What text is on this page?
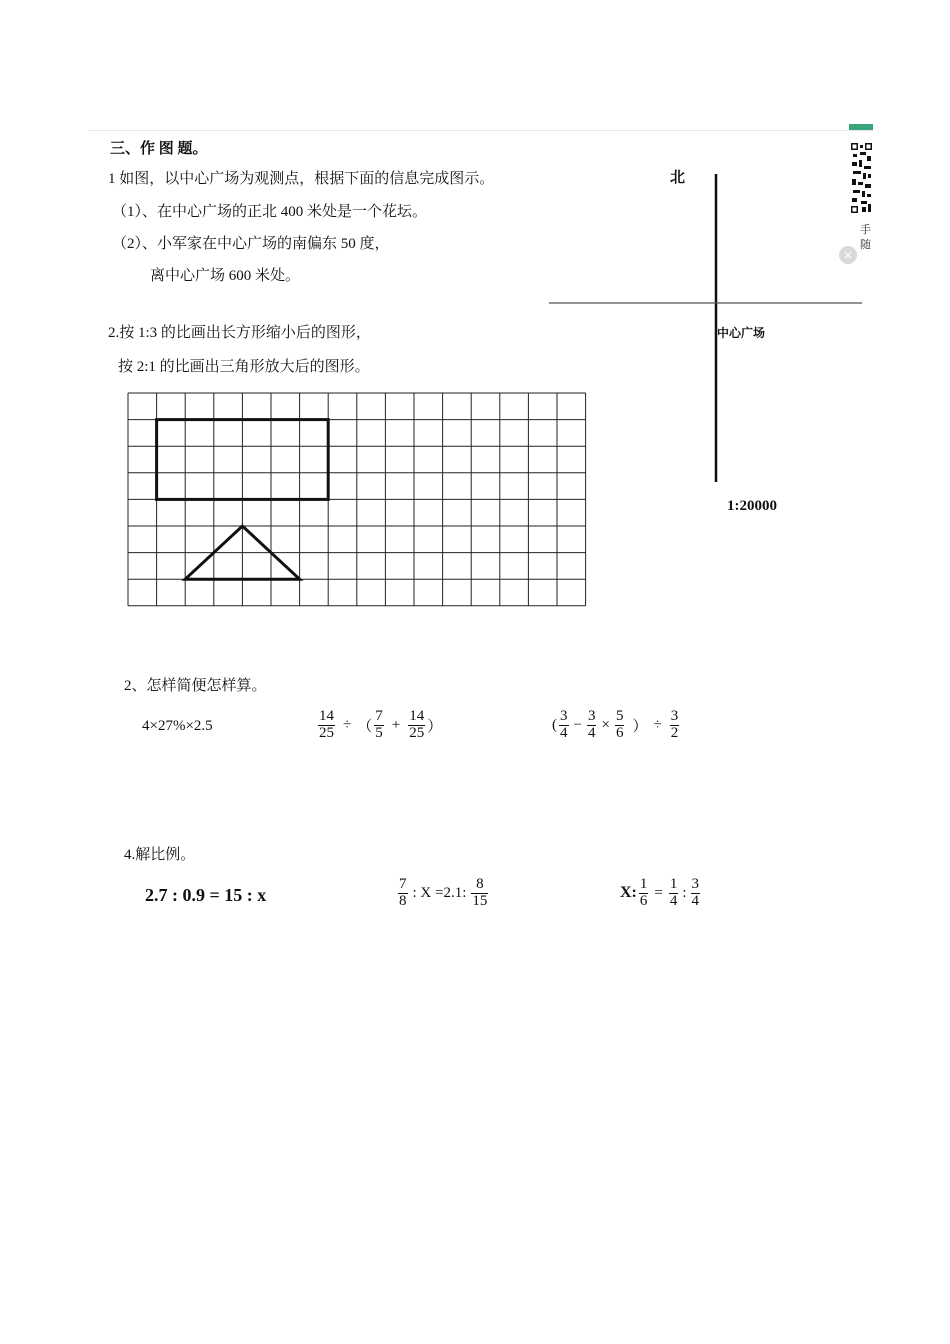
手
随
×
三、作 图 题。
1 如图，以中心广场为观测点，根据下面的信息完成图示。
（1）、在中心广场的正北 400 米处是一个花坛。
（2）、小军家在中心广场的南偏东 50 度，
离中心广场 600 米处。
北
中心广场
1:20000
2.按 1:3 的比画出长方形缩小后的图形，
按 2:1 的比画出三角形放大后的图形。
2、怎样简便怎样算。
4×27%×2.5	$\frac{14}{25}$ ÷ （ $\frac{7}{5} + \frac{14}{25}$ ）	( $\frac{3}{4} - \frac{3}{4} \times \frac{5}{6}$ ） ÷ $\frac{3}{2}$
4.解比例。
2.7 : 0.9 = 15 : x	$\frac{7}{8}$ : X =2.1: $\frac{8}{15}$	X: $\frac{1}{6} = \frac{1}{4}$ : $\frac{3}{4}$
